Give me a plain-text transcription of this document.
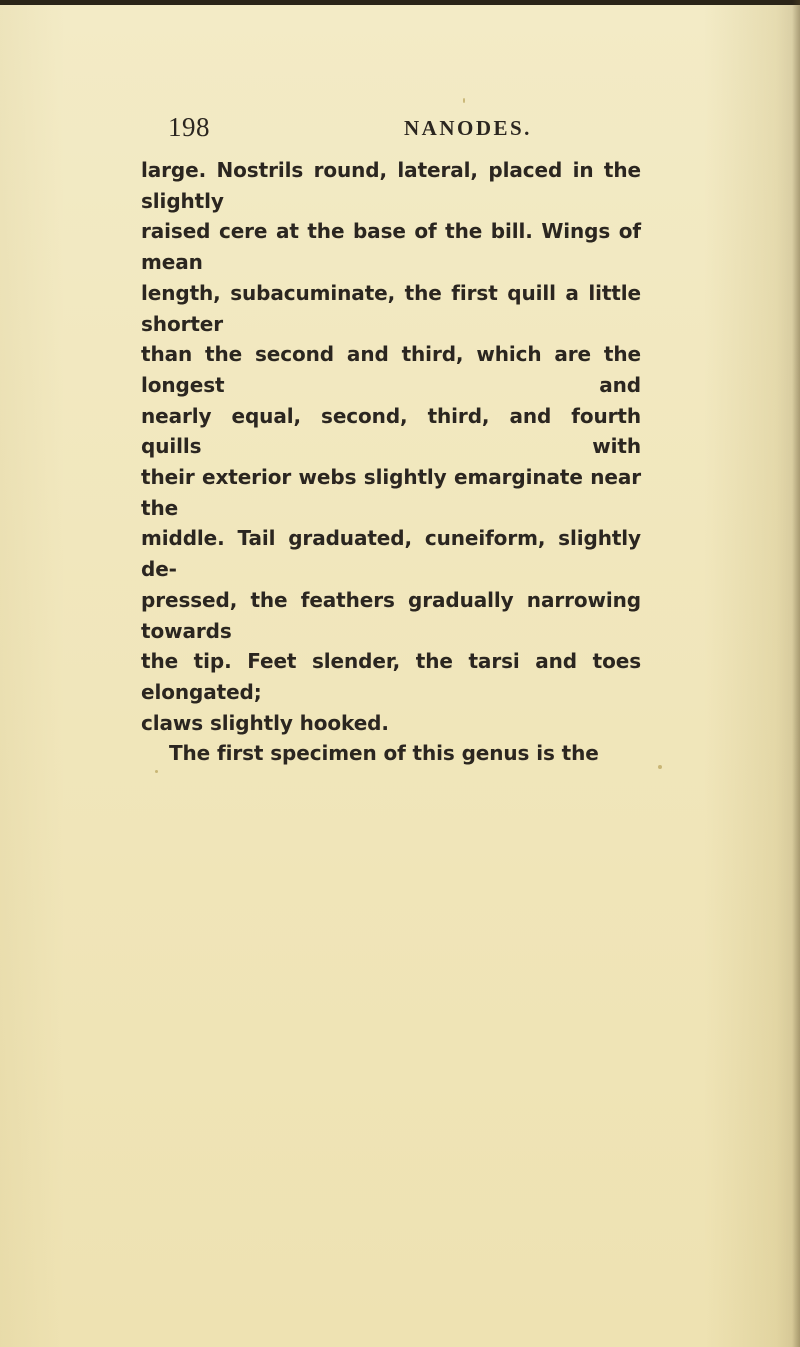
198	NANODES.
large. Nostrils round, lateral, placed in the slightly
raised cere at the base of the bill. Wings of mean
length, subacuminate, the first quill a little shorter
than the second and third, which are the longest and
nearly equal, second, third, and fourth quills with
their exterior webs slightly emarginate near the
middle. Tail graduated, cuneiform, slightly de-
pressed, the feathers gradually narrowing towards
the tip. Feet slender, the tarsi and toes elongated;
claws slightly hooked.
The first specimen of this genus is the
